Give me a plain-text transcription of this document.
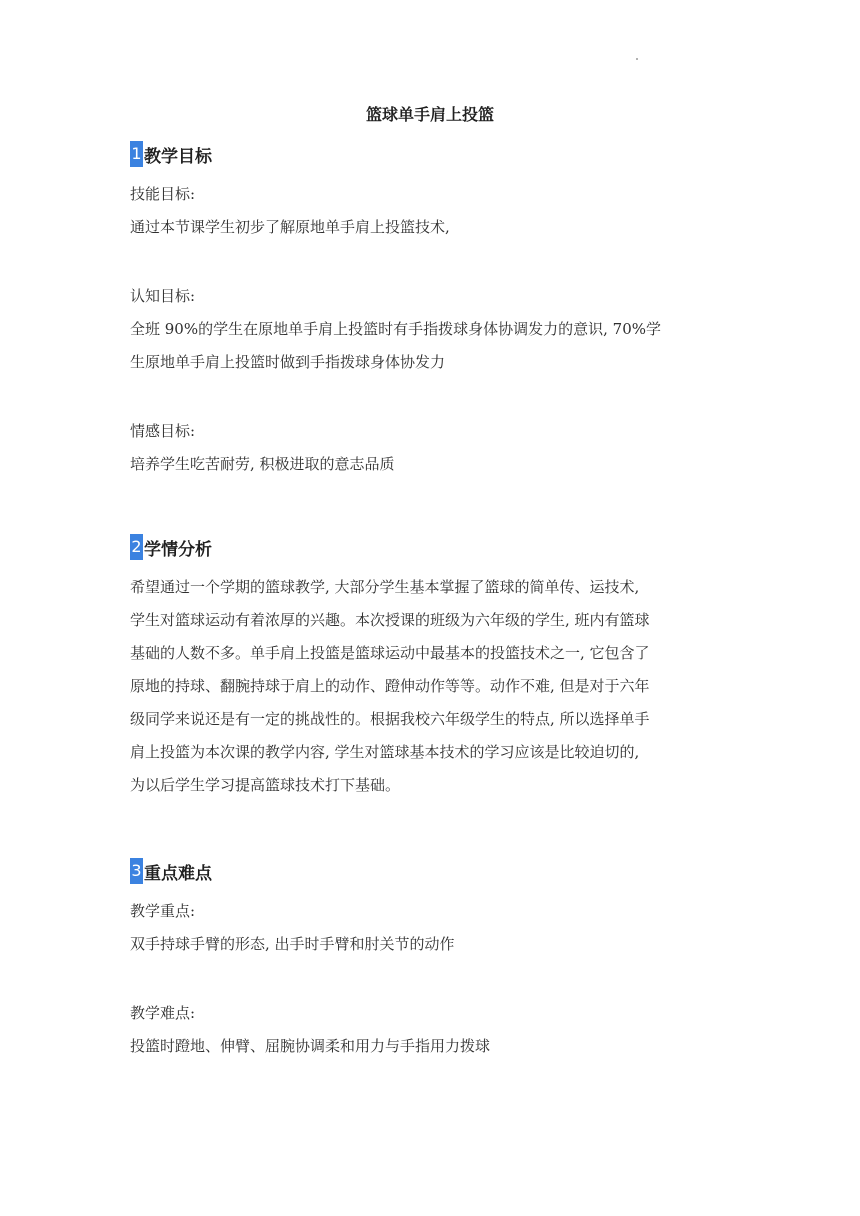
篮球单手肩上投篮
1 教学目标
技能目标:
通过本节课学生初步了解原地单手肩上投篮技术,
认知目标:
全班 90%的学生在原地单手肩上投篮时有手指拨球身体协调发力的意识, 70%学
生原地单手肩上投篮时做到手指拨球身体协发力
情感目标:
培养学生吃苦耐劳, 积极进取的意志品质
2 学情分析
希望通过一个学期的篮球教学, 大部分学生基本掌握了篮球的简单传、运技术,
学生对篮球运动有着浓厚的兴趣。本次授课的班级为六年级的学生, 班内有篮球
基础的人数不多。单手肩上投篮是篮球运动中最基本的投篮技术之一, 它包含了
原地的持球、翻腕持球于肩上的动作、蹬伸动作等等。动作不难, 但是对于六年
级同学来说还是有一定的挑战性的。根据我校六年级学生的特点, 所以选择单手
肩上投篮为本次课的教学内容, 学生对篮球基本技术的学习应该是比较迫切的,
为以后学生学习提高篮球技术打下基础。
3 重点难点
教学重点:
双手持球手臂的形态, 出手时手臂和肘关节的动作
教学难点:
投篮时蹬地、伸臂、屈腕协调柔和用力与手指用力拨球
